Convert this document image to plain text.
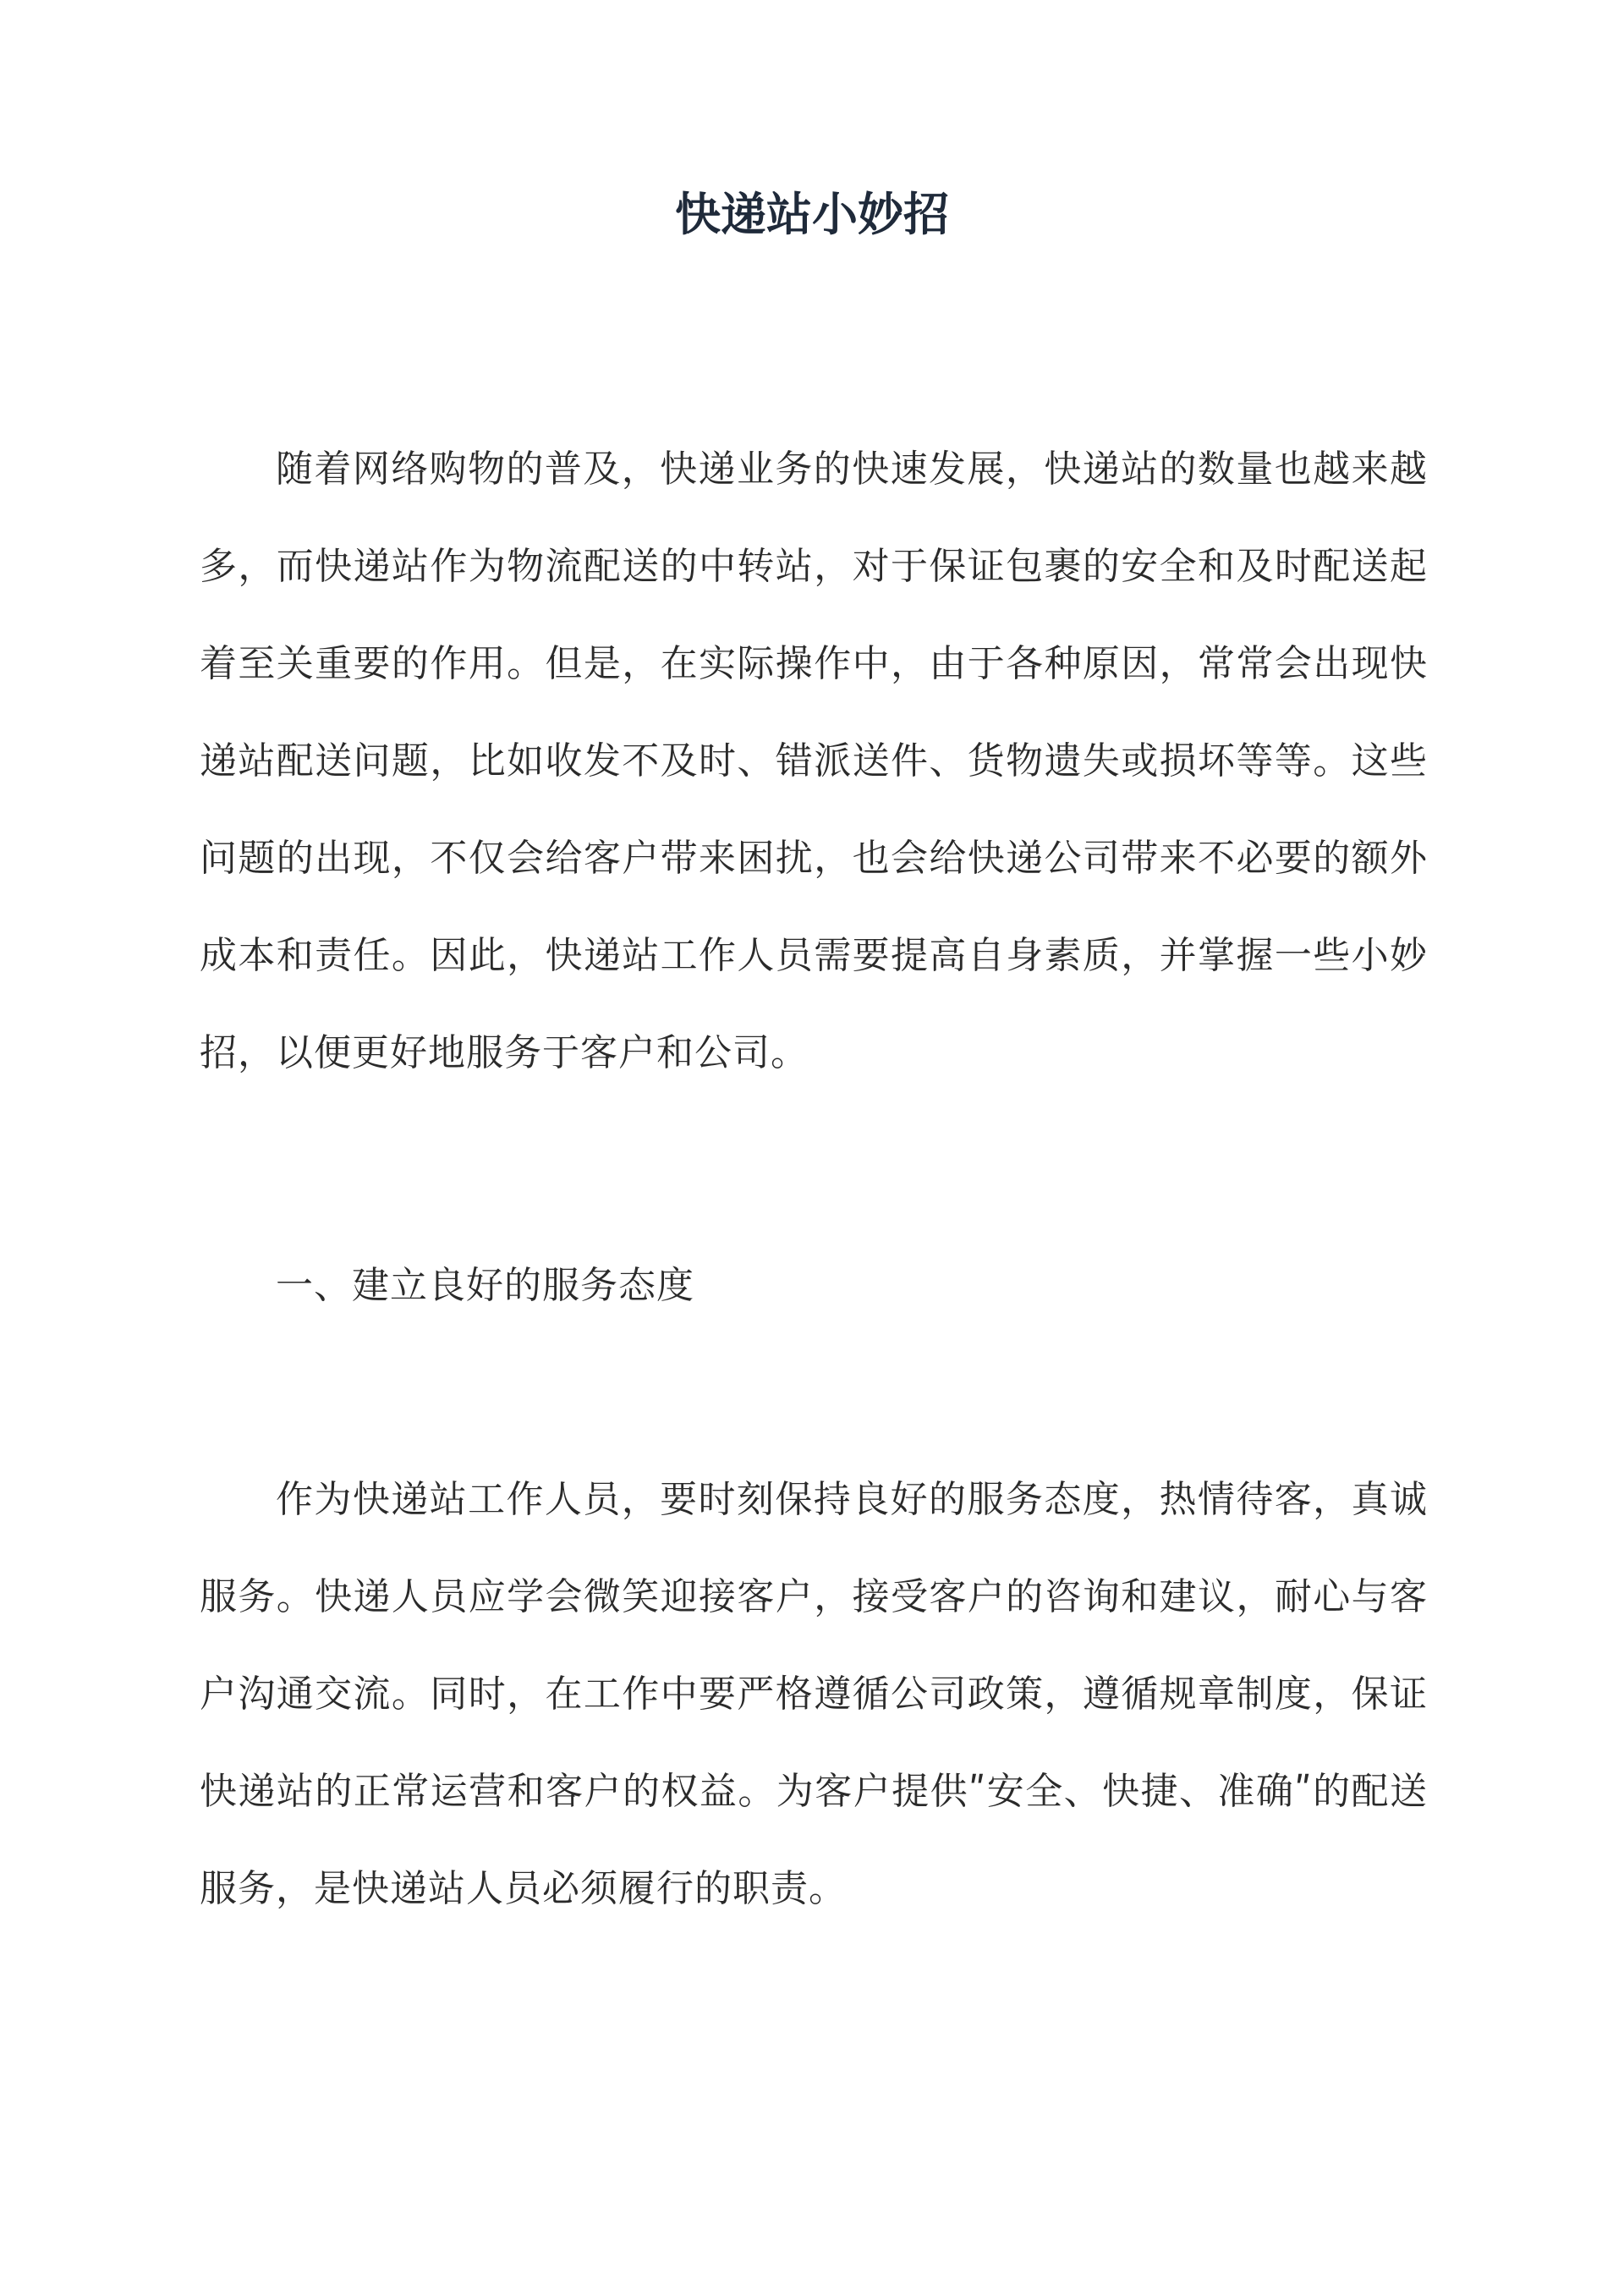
快递站小妙招

随着网络购物的普及，快递业务的快速发展，快递站的数量也越来越多，而快递站作为物流配送的中转站，对于保证包裹的安全和及时配送起着至关重要的作用。但是，在实际操作中，由于各种原因，常常会出现快递站配送问题，比如收发不及时、错派送件、货物遗失或损坏等等。这些问题的出现，不仅会给客户带来困扰，也会给快递公司带来不必要的额外成本和责任。因此，快递站工作人员需要提高自身素质，并掌握一些小妙招，以便更好地服务于客户和公司。

一、建立良好的服务态度

作为快递站工作人员，要时刻保持良好的服务态度，热情待客，真诚服务。快递人员应学会微笑迎接客户，接受客户的咨询和建议，耐心与客户沟通交流。同时，在工作中要严格遵循公司政策，遵循规章制度，保证快递站的正常运营和客户的权益。为客户提供ʺ安全、快捷、准确ʺ的配送服务，是快递站人员必须履行的职责。
